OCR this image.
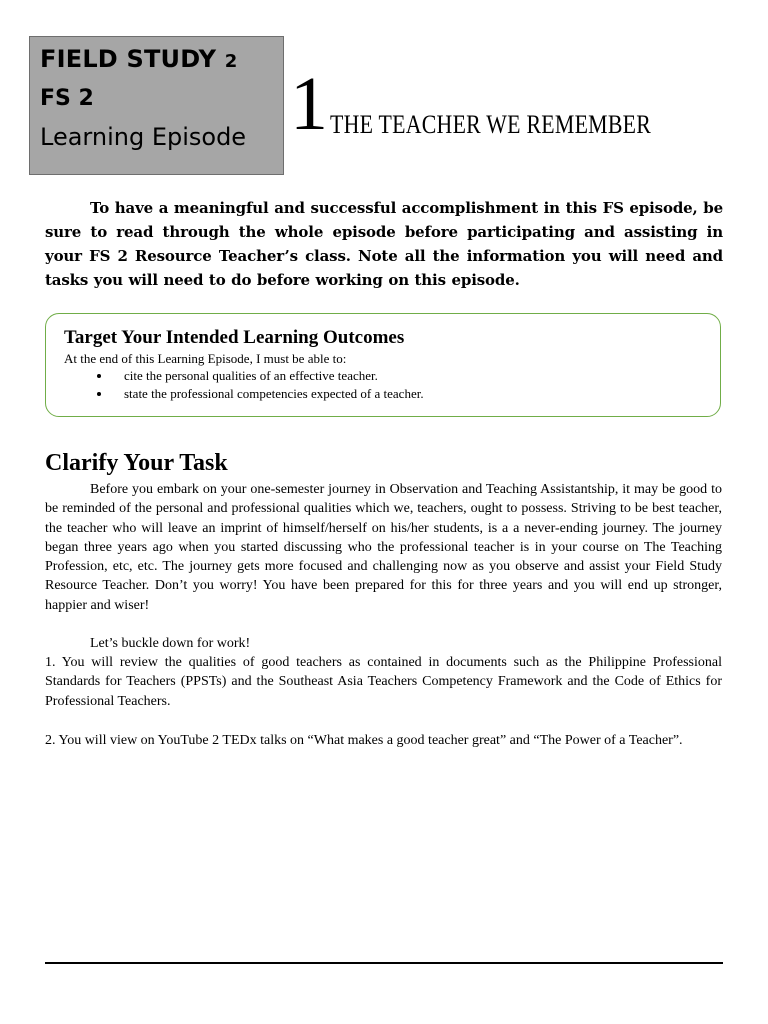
FIELD STUDY 2
FS 2
Learning Episode 1 THE TEACHER WE REMEMBER
To have a meaningful and successful accomplishment in this FS episode, be sure to read through the whole episode before participating and assisting in your FS 2 Resource Teacher’s class. Note all the information you will need and tasks you will need to do before working on this episode.
Target Your Intended Learning Outcomes
At the end of this Learning Episode, I must be able to:
• cite the personal qualities of an effective teacher.
• state the professional competencies expected of a teacher.
Clarify Your Task
Before you embark on your one-semester journey in Observation and Teaching Assistantship, it may be good to be reminded of the personal and professional qualities which we, teachers, ought to possess. Striving to be best teacher, the teacher who will leave an imprint of himself/herself on his/her students, is a a never-ending journey. The journey began three years ago when you started discussing who the professional teacher is in your course on The Teaching Profession, etc, etc. The journey gets more focused and challenging now as you observe and assist your Field Study Resource Teacher. Don’t you worry! You have been prepared for this for three years and you will end up stronger, happier and wiser!
Let’s buckle down for work!
1. You will review the qualities of good teachers as contained in documents such as the Philippine Professional Standards for Teachers (PPSTs) and the Southeast Asia Teachers Competency Framework and the Code of Ethics for Professional Teachers.
2. You will view on YouTube 2 TEDx talks on “What makes a good teacher great” and “The Power of a Teacher”.
